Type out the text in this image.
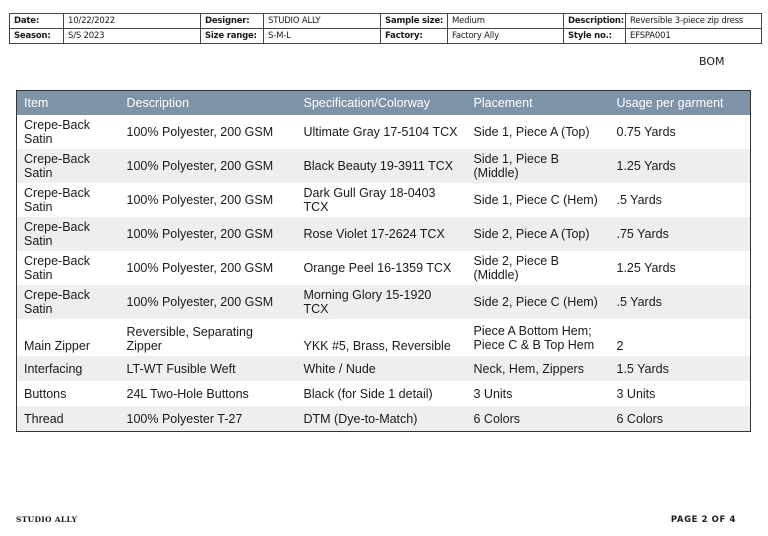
Date:	10/22/2022	Designer:	STUDIO ALLY	Sample size:	Medium	Description:	Reversible 3-piece zip dress
Season:	S/S 2023	Size range:	S-M-L	Factory:	Factory Ally	Style no.:	EFSPA001
BOM
Item	Description	Specification/Colorway	Placement	Usage per garment
Crepe-Back Satin	100% Polyester, 200 GSM	Ultimate Gray 17-5104 TCX	Side 1, Piece A (Top)	0.75 Yards
Crepe-Back Satin	100% Polyester, 200 GSM	Black Beauty 19-3911 TCX	Side 1, Piece B (Middle)	1.25 Yards
Crepe-Back Satin	100% Polyester, 200 GSM	Dark Gull Gray 18-0403 TCX	Side 1, Piece C (Hem)	.5 Yards
Crepe-Back Satin	100% Polyester, 200 GSM	Rose Violet 17-2624 TCX	Side 2, Piece A (Top)	.75 Yards
Crepe-Back Satin	100% Polyester, 200 GSM	Orange Peel 16-1359 TCX	Side 2, Piece B (Middle)	1.25 Yards
Crepe-Back Satin	100% Polyester, 200 GSM	Morning Glory 15-1920 TCX	Side 2, Piece C (Hem)	.5 Yards
Main Zipper	Reversible, Separating Zipper	YKK #5, Brass, Reversible	Piece A Bottom Hem; Piece C & B Top Hem	2
Interfacing	LT-WT Fusible Weft	White / Nude	Neck, Hem, Zippers	1.5 Yards
Buttons	24L Two-Hole Buttons	Black (for Side 1 detail)	3 Units	3 Units
Thread	100% Polyester T-27	DTM (Dye-to-Match)	6 Colors	6 Colors
STUDIO ALLY	PAGE 2 OF 4
